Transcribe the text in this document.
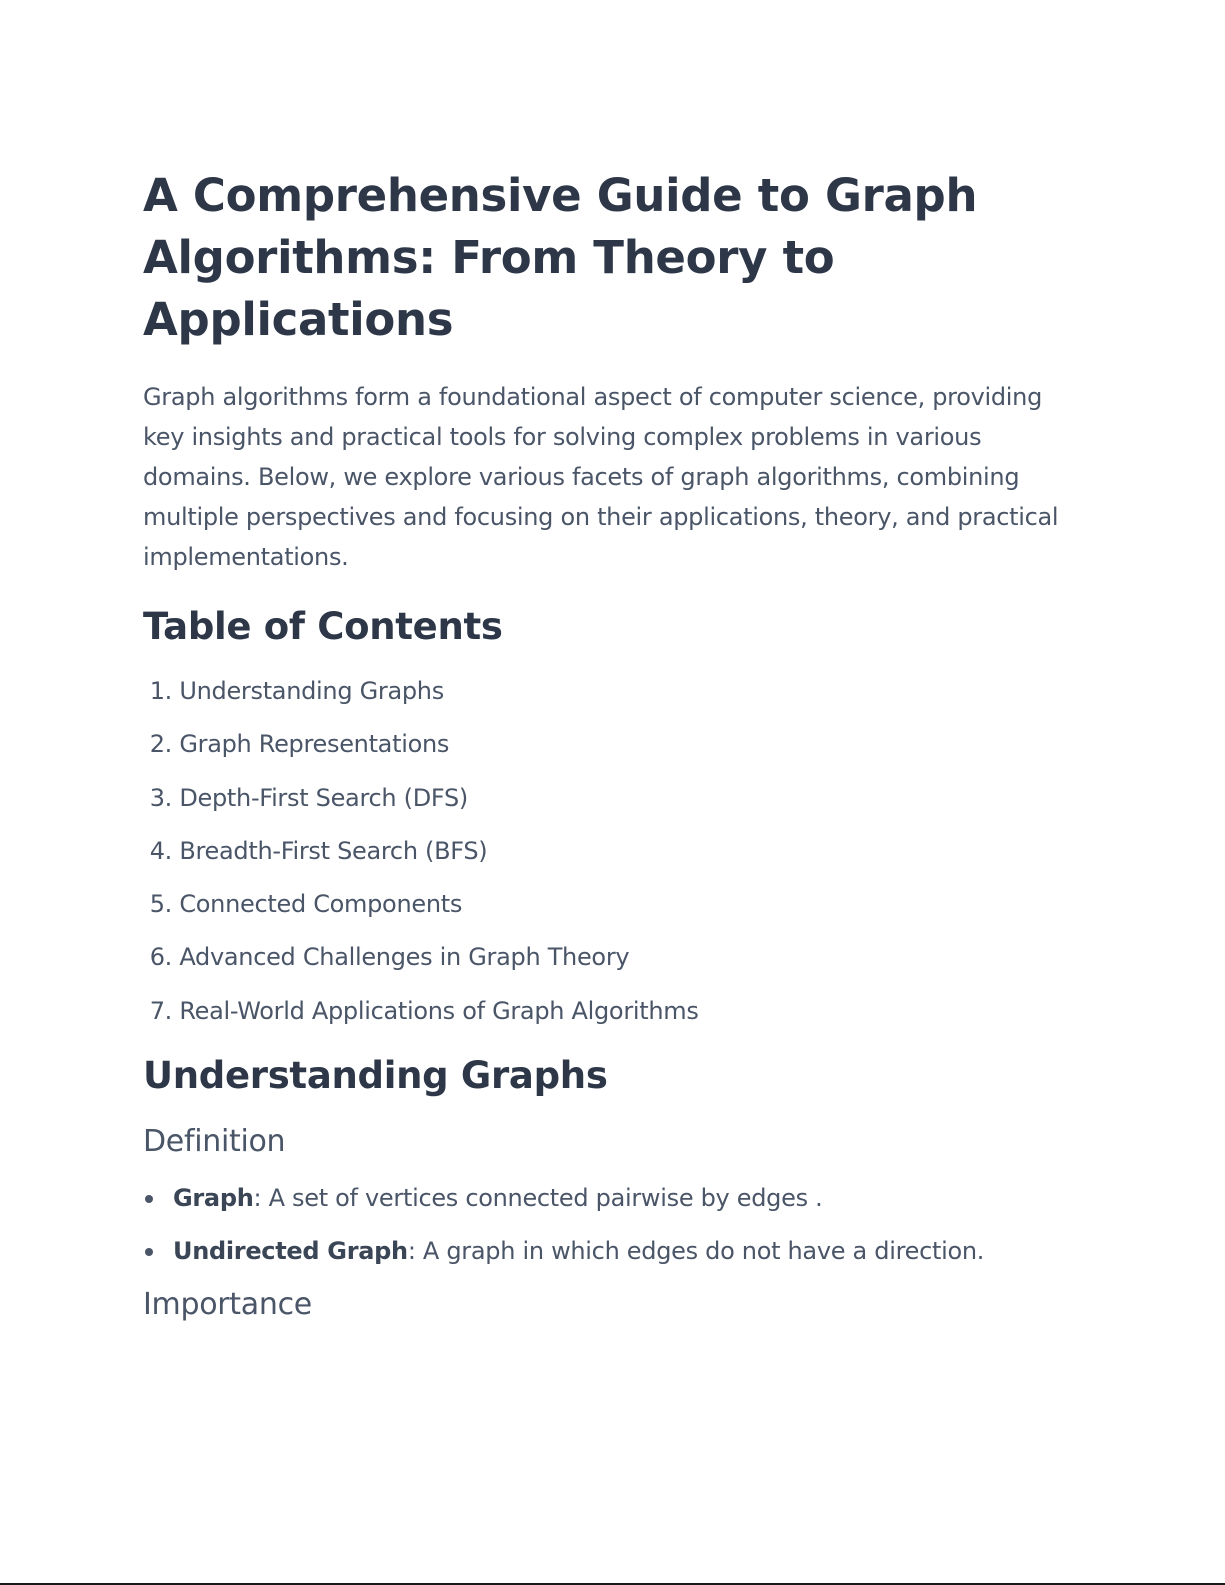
A Comprehensive Guide to Graph Algorithms: From Theory to Applications

Graph algorithms form a foundational aspect of computer science, providing key insights and practical tools for solving complex problems in various domains. Below, we explore various facets of graph algorithms, combining multiple perspectives and focusing on their applications, theory, and practical implementations.

Table of Contents
1.
Understanding Graphs
2.
Graph Representations
3.
Depth-First Search (DFS)
4.
Breadth-First Search (BFS)
5.
Connected Components
6.
Advanced Challenges in Graph Theory
7.
Real-World Applications of Graph Algorithms
Understanding Graphs
Definition
Graph: A set of vertices connected pairwise by edges .
Undirected Graph: A graph in which edges do not have a direction.
Importance
